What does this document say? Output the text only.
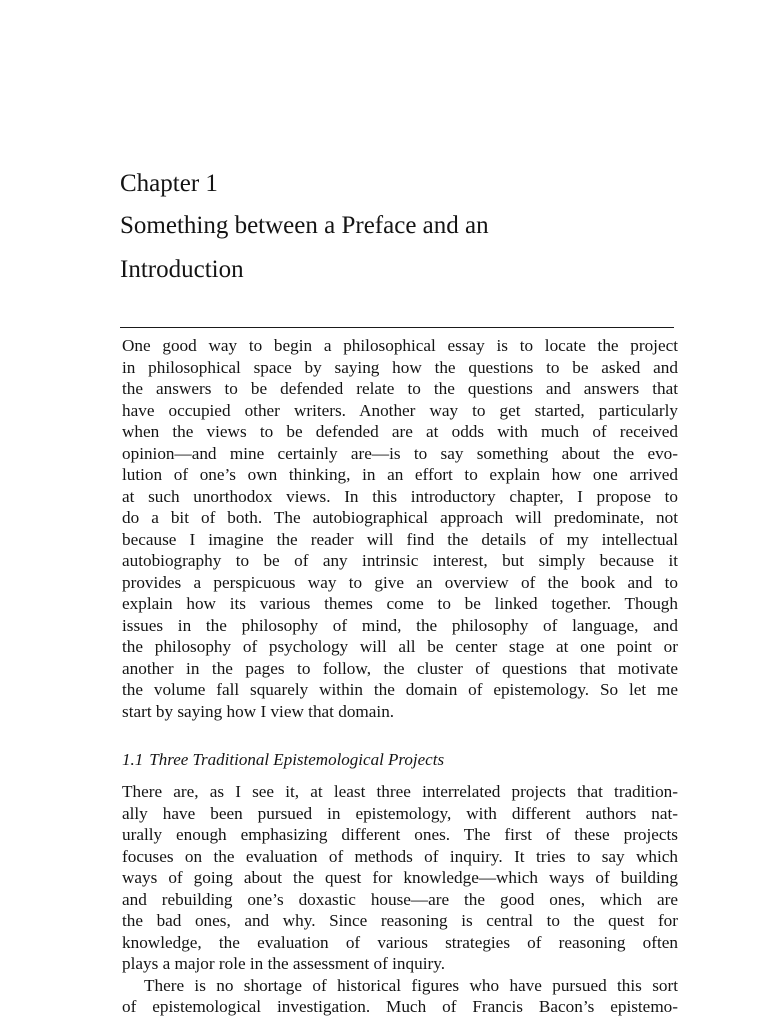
Chapter 1
Something between a Preface and an
Introduction
One good way to begin a philosophical essay is to locate the project
in philosophical space by saying how the questions to be asked and
the answers to be defended relate to the questions and answers that
have occupied other writers. Another way to get started, particularly
when the views to be defended are at odds with much of received
opinion—and mine certainly are—is to say something about the evo-
lution of one’s own thinking, in an effort to explain how one arrived
at such unorthodox views. In this introductory chapter, I propose to
do a bit of both. The autobiographical approach will predominate, not
because I imagine the reader will find the details of my intellectual
autobiography to be of any intrinsic interest, but simply because it
provides a perspicuous way to give an overview of the book and to
explain how its various themes come to be linked together. Though
issues in the philosophy of mind, the philosophy of language, and
the philosophy of psychology will all be center stage at one point or
another in the pages to follow, the cluster of questions that motivate
the volume fall squarely within the domain of epistemology. So let me
start by saying how I view that domain.
1.1 Three Traditional Epistemological Projects
There are, as I see it, at least three interrelated projects that tradition-
ally have been pursued in epistemology, with different authors nat-
urally enough emphasizing different ones. The first of these projects
focuses on the evaluation of methods of inquiry. It tries to say which
ways of going about the quest for knowledge—which ways of building
and rebuilding one’s doxastic house—are the good ones, which are
the bad ones, and why. Since reasoning is central to the quest for
knowledge, the evaluation of various strategies of reasoning often
plays a major role in the assessment of inquiry.
There is no shortage of historical figures who have pursued this sort
of epistemological investigation. Much of Francis Bacon’s epistemo-
